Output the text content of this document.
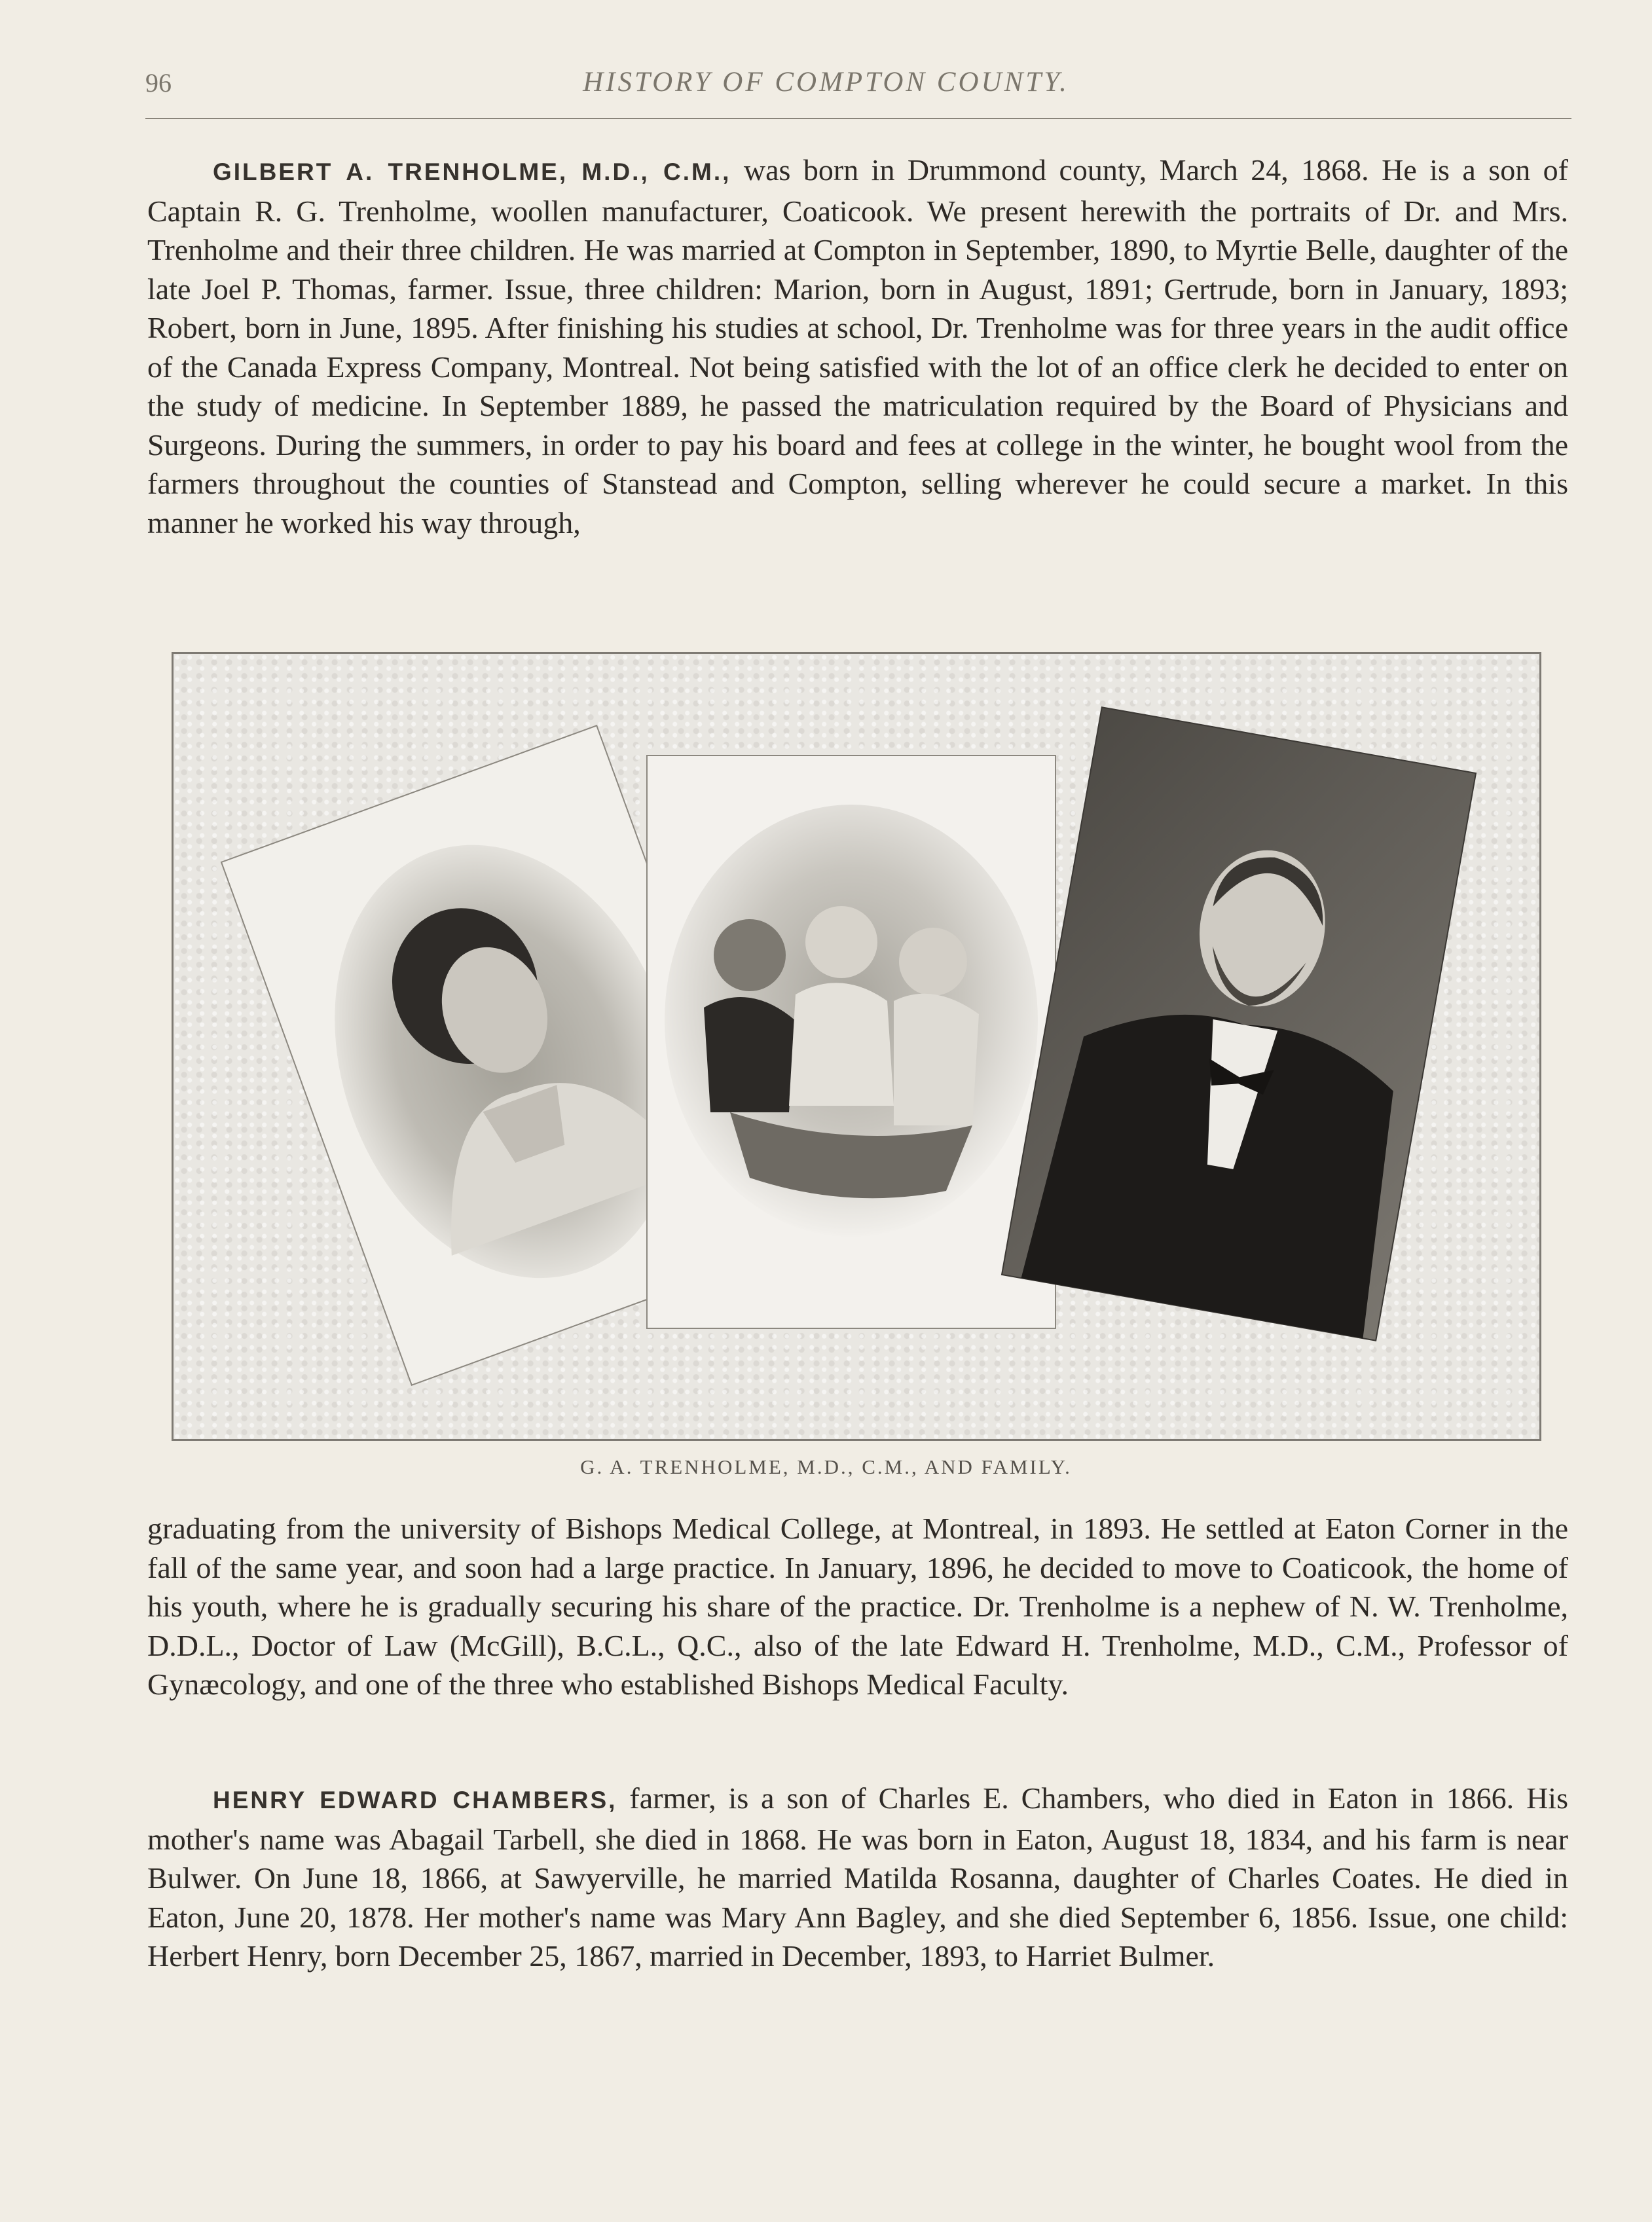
96	HISTORY OF COMPTON COUNTY.

GILBERT A. TRENHOLME, M.D., C.M., was born in Drummond county, March 24, 1868. He is a son of Captain R. G. Trenholme, woollen manufacturer, Coaticook. We present herewith the portraits of Dr. and Mrs. Trenholme and their three children. He was married at Compton in September, 1890, to Myrtie Belle, daughter of the late Joel P. Thomas, farmer. Issue, three children: Marion, born in August, 1891; Gertrude, born in January, 1893; Robert, born in June, 1895. After finishing his studies at school, Dr. Trenholme was for three years in the audit office of the Canada Express Company, Montreal. Not being satisfied with the lot of an office clerk he decided to enter on the study of medicine. In September 1889, he passed the matriculation required by the Board of Physicians and Surgeons. During the summers, in order to pay his board and fees at college in the winter, he bought wool from the farmers throughout the counties of Stanstead and Compton, selling wherever he could secure a market. In this manner he worked his way through,

G. A. TRENHOLME, M.D., C.M., AND FAMILY.

graduating from the university of Bishops Medical College, at Montreal, in 1893. He settled at Eaton Corner in the fall of the same year, and soon had a large practice. In January, 1896, he decided to move to Coaticook, the home of his youth, where he is gradually securing his share of the practice. Dr. Trenholme is a nephew of N. W. Trenholme, D.D.L., Doctor of Law (McGill), B.C.L., Q.C., also of the late Edward H. Trenholme, M.D., C.M., Professor of Gynæcology, and one of the three who established Bishops Medical Faculty.

HENRY EDWARD CHAMBERS, farmer, is a son of Charles E. Chambers, who died in Eaton in 1866. His mother's name was Abagail Tarbell, she died in 1868. He was born in Eaton, August 18, 1834, and his farm is near Bulwer. On June 18, 1866, at Sawyerville, he married Matilda Rosanna, daughter of Charles Coates. He died in Eaton, June 20, 1878. Her mother's name was Mary Ann Bagley, and she died September 6, 1856. Issue, one child: Herbert Henry, born December 25, 1867, married in December, 1893, to Harriet Bulmer.
